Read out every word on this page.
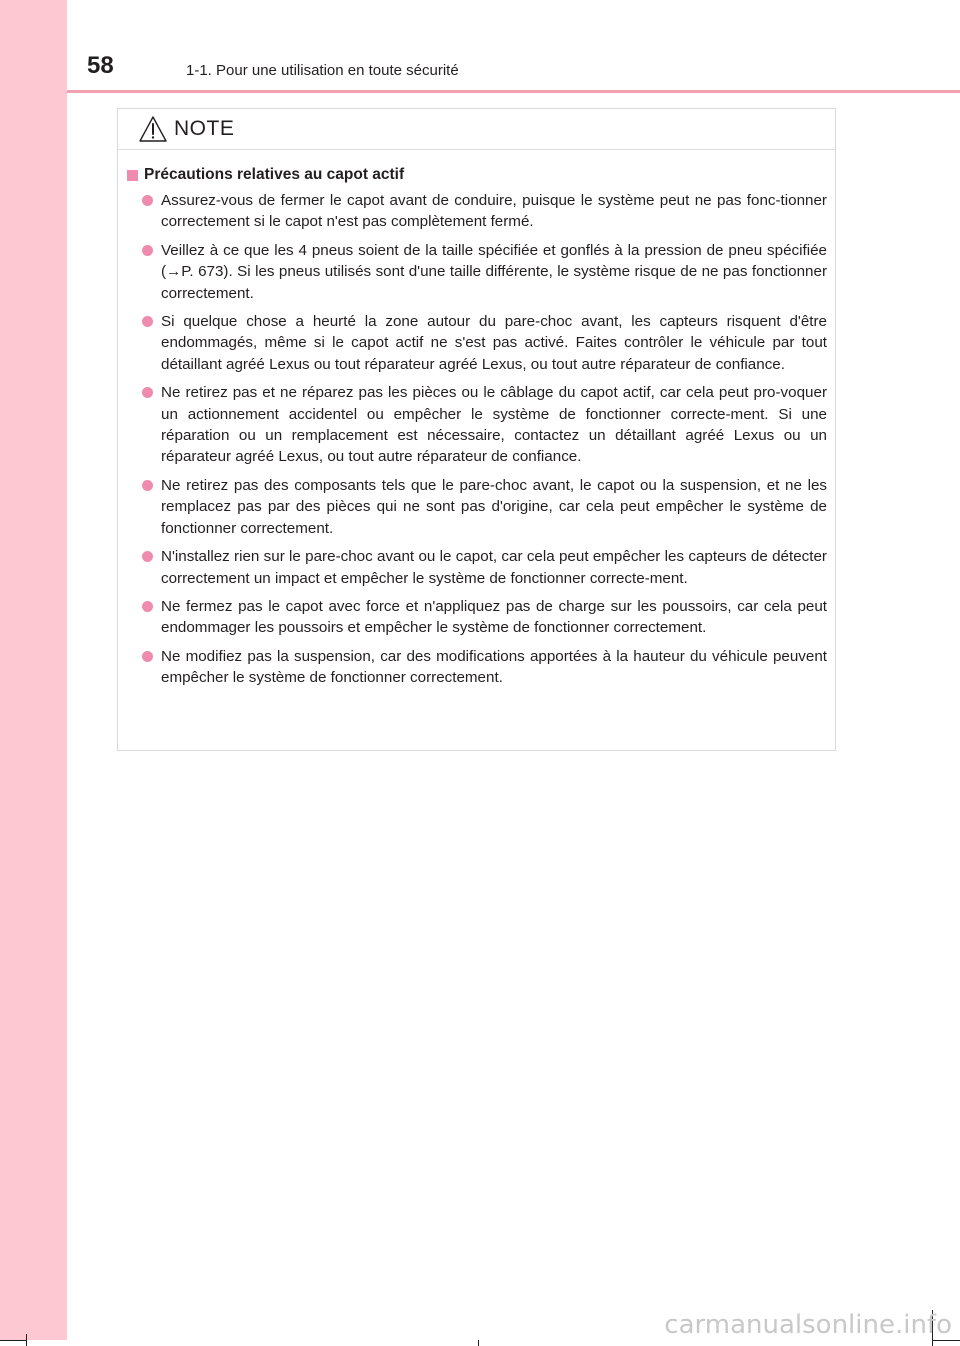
58	1-1. Pour une utilisation en toute sécurité
NOTE
Précautions relatives au capot actif
Assurez-vous de fermer le capot avant de conduire, puisque le système peut ne pas fonc-tionner correctement si le capot n'est pas complètement fermé.
Veillez à ce que les 4 pneus soient de la taille spécifiée et gonflés à la pression de pneu spécifiée (→P. 673). Si les pneus utilisés sont d'une taille différente, le système risque de ne pas fonctionner correctement.
Si quelque chose a heurté la zone autour du pare-choc avant, les capteurs risquent d'être endommagés, même si le capot actif ne s'est pas activé. Faites contrôler le véhicule par tout détaillant agréé Lexus ou tout réparateur agréé Lexus, ou tout autre réparateur de confiance.
Ne retirez pas et ne réparez pas les pièces ou le câblage du capot actif, car cela peut pro-voquer un actionnement accidentel ou empêcher le système de fonctionner correcte-ment. Si une réparation ou un remplacement est nécessaire, contactez un détaillant agréé Lexus ou un réparateur agréé Lexus, ou tout autre réparateur de confiance.
Ne retirez pas des composants tels que le pare-choc avant, le capot ou la suspension, et ne les remplacez pas par des pièces qui ne sont pas d'origine, car cela peut empêcher le système de fonctionner correctement.
N'installez rien sur le pare-choc avant ou le capot, car cela peut empêcher les capteurs de détecter correctement un impact et empêcher le système de fonctionner correcte-ment.
Ne fermez pas le capot avec force et n'appliquez pas de charge sur les poussoirs, car cela peut endommager les poussoirs et empêcher le système de fonctionner correctement.
Ne modifiez pas la suspension, car des modifications apportées à la hauteur du véhicule peuvent empêcher le système de fonctionner correctement.
carmanualsonline.info
